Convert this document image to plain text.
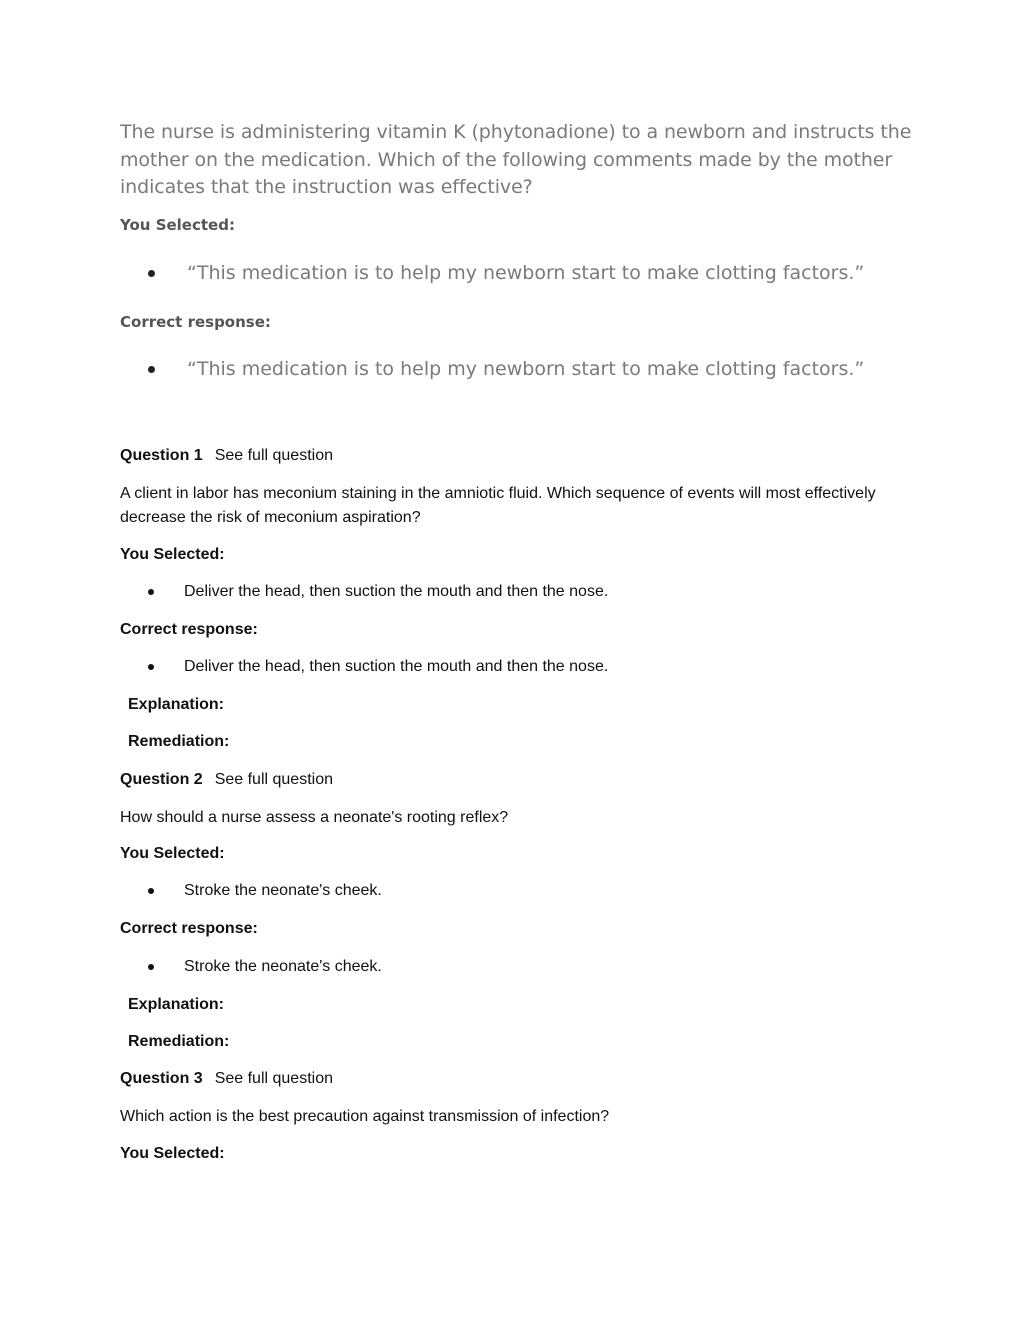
The nurse is administering vitamin K (phytonadione) to a newborn and instructs the mother on the medication. Which of the following comments made by the mother indicates that the instruction was effective?

You Selected:
“This medication is to help my newborn start to make clotting factors.”
Correct response:
“This medication is to help my newborn start to make clotting factors.”
Question 1 See full question
A client in labor has meconium staining in the amniotic fluid. Which sequence of events will most effectively decrease the risk of meconium aspiration?
You Selected:
Deliver the head, then suction the mouth and then the nose.
Correct response:
Deliver the head, then suction the mouth and then the nose.
Explanation:
Remediation:
Question 2 See full question
How should a nurse assess a neonate's rooting reflex?
You Selected:
Stroke the neonate's cheek.
Correct response:
Stroke the neonate's cheek.
Explanation:
Remediation:
Question 3 See full question
Which action is the best precaution against transmission of infection?
You Selected:
